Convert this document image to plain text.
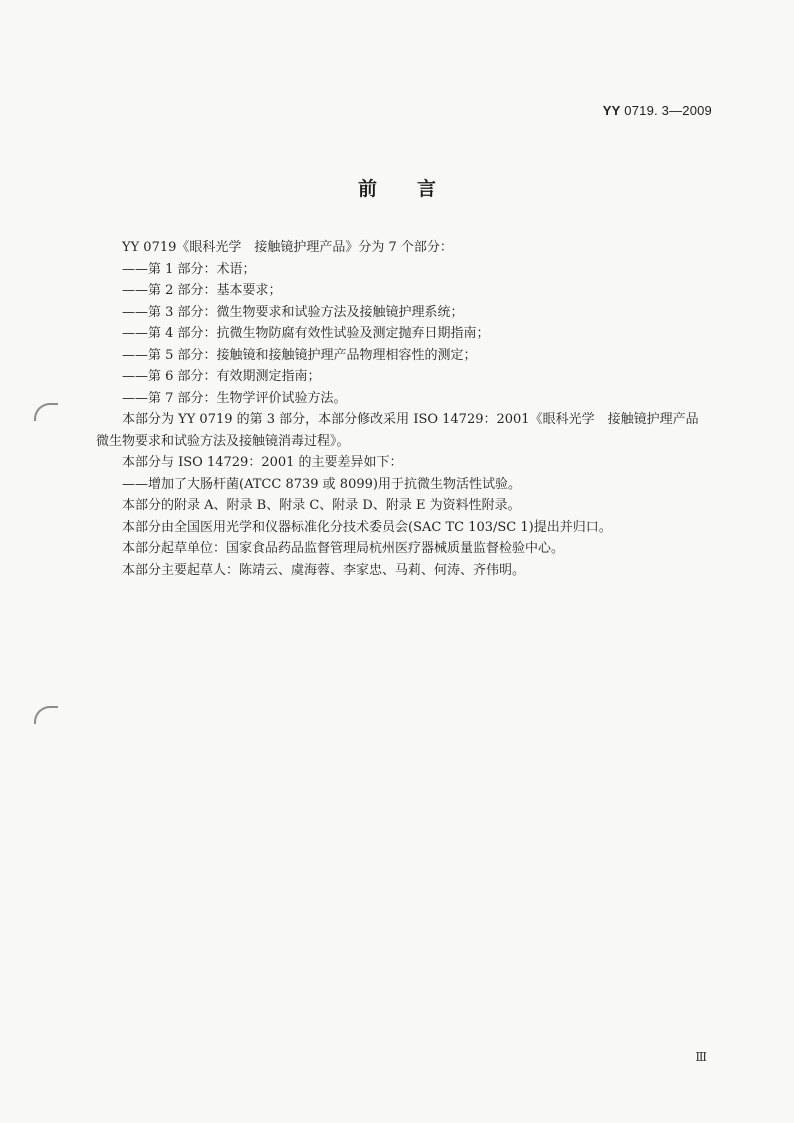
YY 0719. 3—2009
前言

YY 0719《眼科光学　接触镜护理产品》分为 7 个部分：

——第 1 部分：术语；

——第 2 部分：基本要求；

——第 3 部分：微生物要求和试验方法及接触镜护理系统；

——第 4 部分：抗微生物防腐有效性试验及测定抛弃日期指南；

——第 5 部分：接触镜和接触镜护理产品物理相容性的测定；

——第 6 部分：有效期测定指南；

——第 7 部分：生物学评价试验方法。

本部分为 YY 0719 的第 3 部分，本部分修改采用 ISO 14729：2001《眼科光学　接触镜护理产品

微生物要求和试验方法及接触镜消毒过程》。

本部分与 ISO 14729：2001 的主要差异如下：

——增加了大肠杆菌(ATCC 8739 或 8099)用于抗微生物活性试验。

本部分的附录 A、附录 B、附录 C、附录 D、附录 E 为资料性附录。

本部分由全国医用光学和仪器标准化分技术委员会(SAC TC 103/SC 1)提出并归口。

本部分起草单位：国家食品药品监督管理局杭州医疗器械质量监督检验中心。

本部分主要起草人：陈靖云、虞海蓉、李家忠、马莉、何涛、齐伟明。

Ⅲ
